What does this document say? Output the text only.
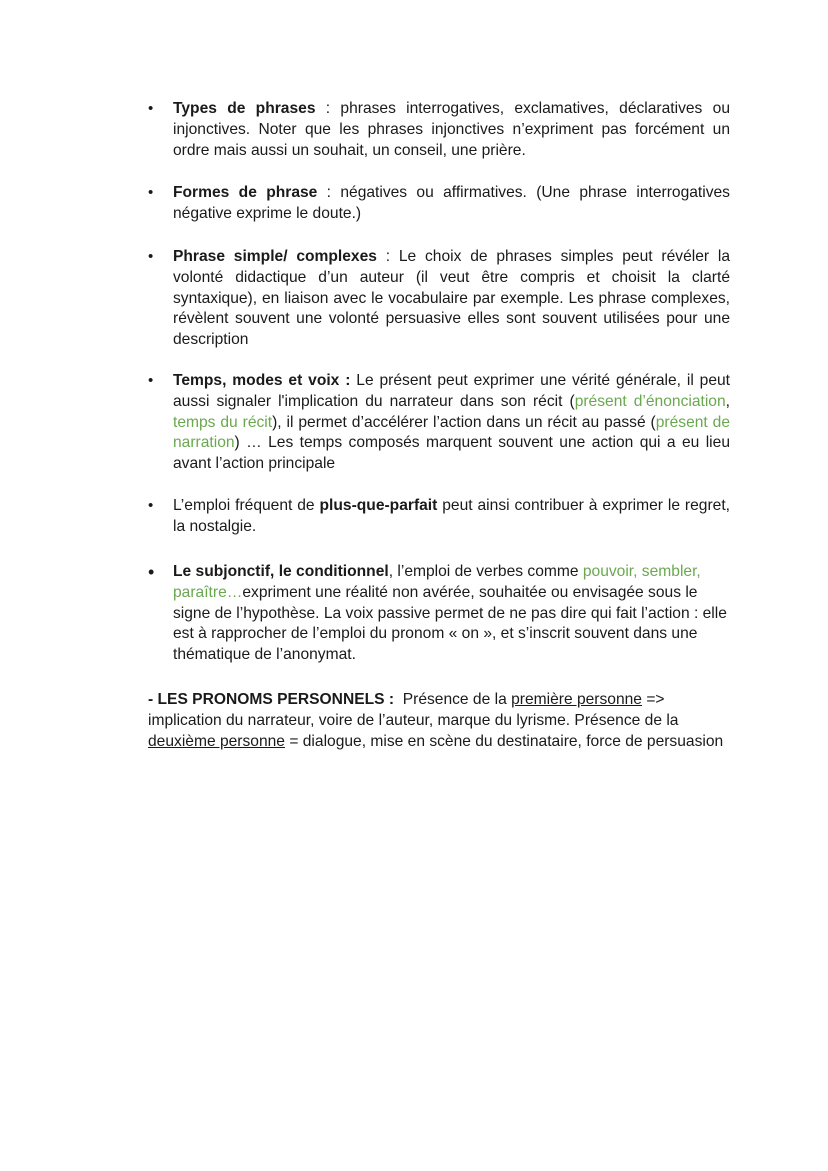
• Types de phrases : phrases interrogatives, exclamatives, déclaratives ou injonctives. Noter que les phrases injonctives n’expriment pas forcément un ordre mais aussi un souhait, un conseil, une prière.
• Formes de phrase : négatives ou affirmatives. (Une phrase interrogatives négative exprime le doute.)
• Phrase simple/ complexes : Le choix de phrases simples peut révéler la volonté didactique d’un auteur (il veut être compris et choisit la clarté syntaxique), en liaison avec le vocabulaire par exemple. Les phrase complexes, révèlent souvent une volonté persuasive elles sont souvent utilisées pour une description
• Temps, modes et voix : Le présent peut exprimer une vérité générale, il peut aussi signaler l'implication du narrateur dans son récit (présent d’énonciation, temps du récit), il permet d’accélérer l’action dans un récit au passé (présent de narration) … Les temps composés marquent souvent une action qui a eu lieu avant l’action principale
• L’emploi fréquent de plus-que-parfait peut ainsi contribuer à exprimer le regret, la nostalgie.
• Le subjonctif, le conditionnel, l’emploi de verbes comme pouvoir, sembler, paraître…expriment une réalité non avérée, souhaitée ou envisagée sous le signe de l’hypothèse. La voix passive permet de ne pas dire qui fait l’action : elle est à rapprocher de l’emploi du pronom « on », et s’inscrit souvent dans une thématique de l’anonymat.
- LES PRONOMS PERSONNELS :  Présence de la première personne => implication du narrateur, voire de l’auteur, marque du lyrisme. Présence de la deuxième personne = dialogue, mise en scène du destinataire, force de persuasion
